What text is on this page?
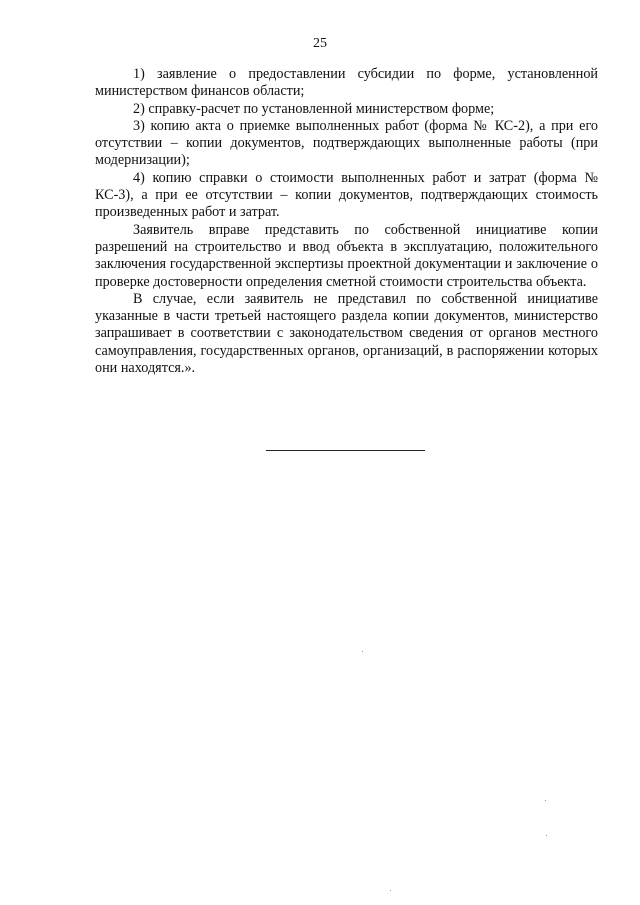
25

1) заявление о предоставлении субсидии по форме, установленной министерством финансов области;

2) справку-расчет по установленной министерством форме;

3) копию акта о приемке выполненных работ (форма № КС-2), а при его отсутствии – копии документов, подтверждающих выполненные работы (при модернизации);

4) копию справки о стоимости выполненных работ и затрат (форма № КС-3), а при ее отсутствии – копии документов, подтверждающих стоимость произведенных работ и затрат.

Заявитель вправе представить по собственной инициативе копии разрешений на строительство и ввод объекта в эксплуатацию, положительного заключения государственной экспертизы проектной документации и заключение о проверке достоверности определения сметной стоимости строительства объекта.

В случае, если заявитель не представил по собственной инициативе указанные в части третьей настоящего раздела копии документов, министерство запрашивает в соответствии с законодательством сведения от органов местного самоуправления, государственных органов, организаций, в распоряжении которых они находятся.».
